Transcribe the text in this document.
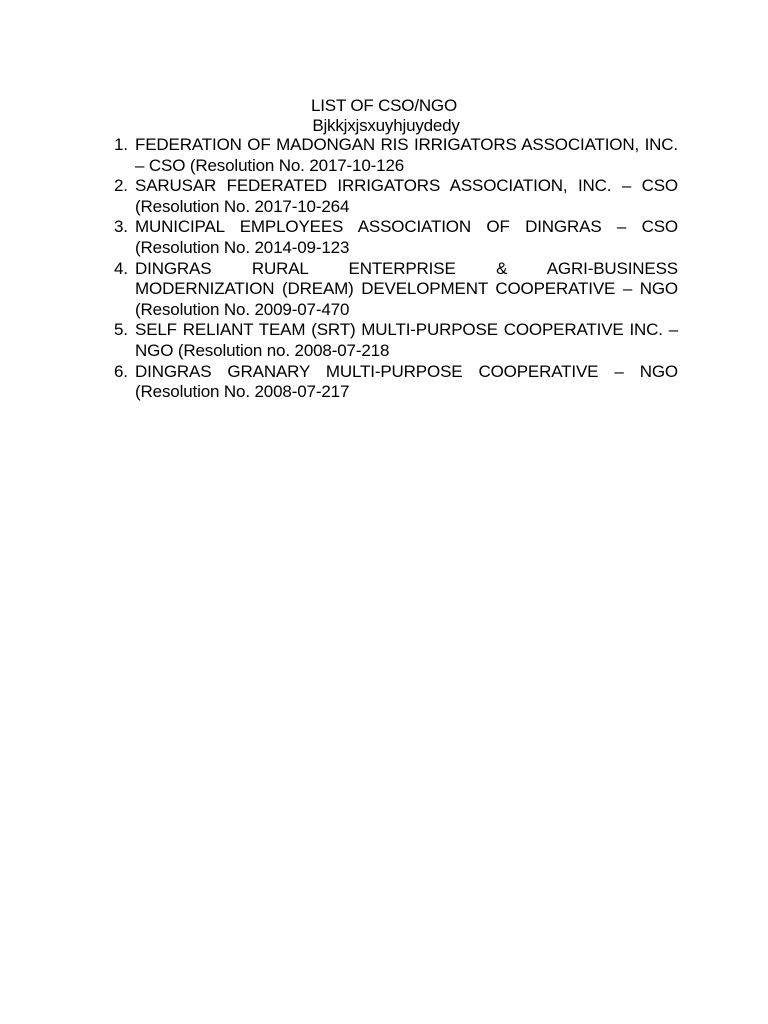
LIST OF CSO/NGO
Bjkkjxjsxuyhjuydedy
1. FEDERATION OF MADONGAN RIS IRRIGATORS ASSOCIATION, INC. – CSO (Resolution No. 2017-10-126
2. SARUSAR FEDERATED IRRIGATORS ASSOCIATION, INC. – CSO (Resolution No. 2017-10-264
3. MUNICIPAL EMPLOYEES ASSOCIATION OF DINGRAS – CSO (Resolution No. 2014-09-123
4. DINGRAS RURAL ENTERPRISE & AGRI-BUSINESS MODERNIZATION (DREAM) DEVELOPMENT COOPERATIVE – NGO (Resolution No. 2009-07-470
5. SELF RELIANT TEAM (SRT) MULTI-PURPOSE COOPERATIVE INC. – NGO (Resolution no. 2008-07-218
6. DINGRAS GRANARY MULTI-PURPOSE COOPERATIVE – NGO (Resolution No. 2008-07-217
